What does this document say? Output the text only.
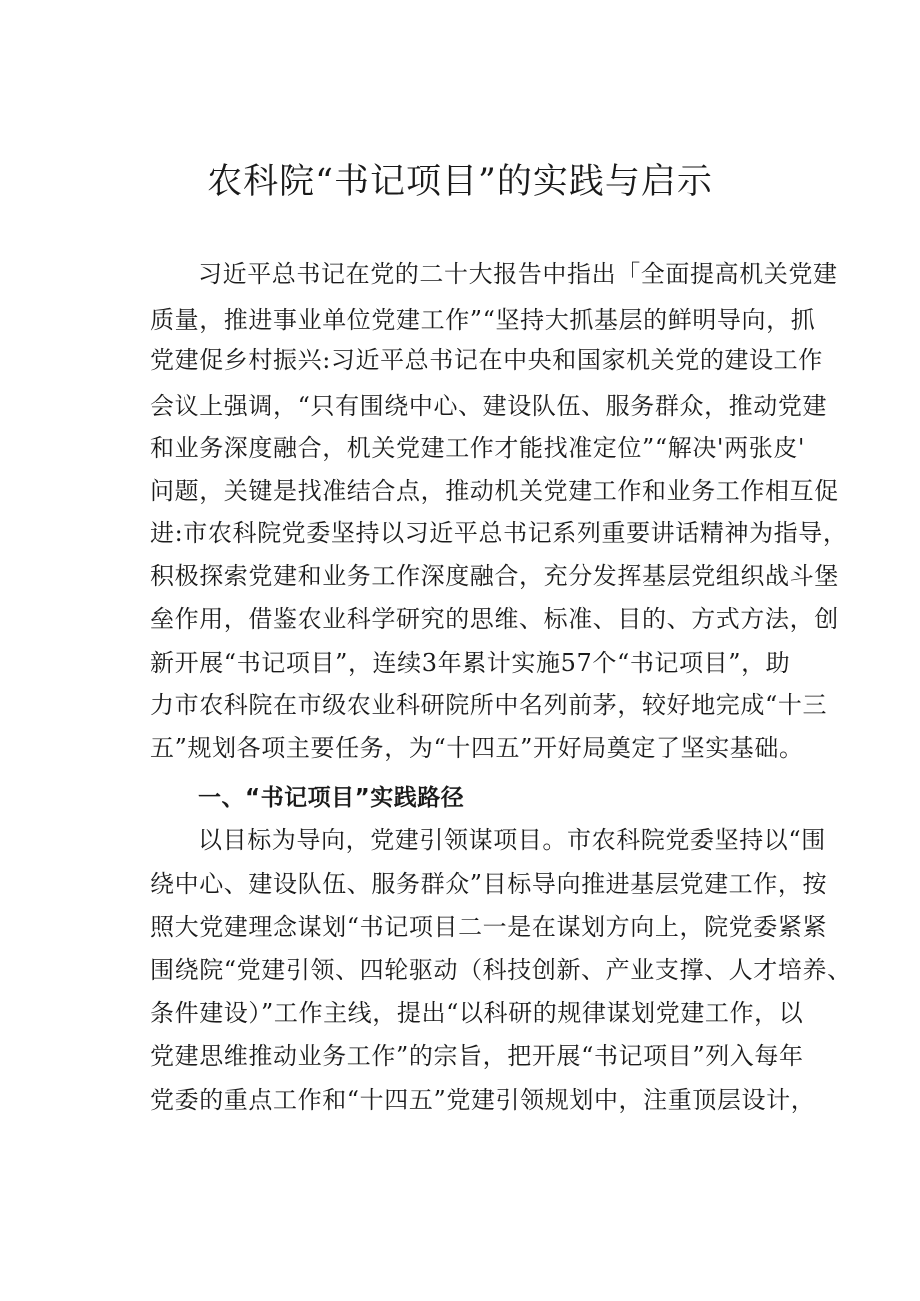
农科院“书记项目”的实践与启示
习近平总书记在党的二十大报告中指出「全面提高机关党建
质量，推进事业单位党建工作”“坚持大抓基层的鲜明导向，抓
党建促乡村振兴:习近平总书记在中央和国家机关党的建设工作
会议上强调，“只有围绕中心、建设队伍、服务群众，推动党建
和业务深度融合，机关党建工作才能找准定位”“解决'两张皮'
问题，关键是找准结合点，推动机关党建工作和业务工作相互促
进:市农科院党委坚持以习近平总书记系列重要讲话精神为指导，
积极探索党建和业务工作深度融合，充分发挥基层党组织战斗堡
垒作用，借鉴农业科学研究的思维、标准、目的、方式方法，创
新开展“书记项目”，连续3年累计实施57个“书记项目”，助
力市农科院在市级农业科研院所中名列前茅，较好地完成“十三
五”规划各项主要任务，为“十四五”开好局奠定了坚实基础。
一、“书记项目”实践路径
以目标为导向，党建引领谋项目。市农科院党委坚持以“围
绕中心、建设队伍、服务群众”目标导向推进基层党建工作，按
照大党建理念谋划“书记项目二一是在谋划方向上，院党委紧紧
围绕院“党建引领、四轮驱动（科技创新、产业支撑、人才培养、
条件建设）”工作主线，提出“以科研的规律谋划党建工作，以
党建思维推动业务工作”的宗旨，把开展“书记项目”列入每年
党委的重点工作和“十四五”党建引领规划中，注重顶层设计，
